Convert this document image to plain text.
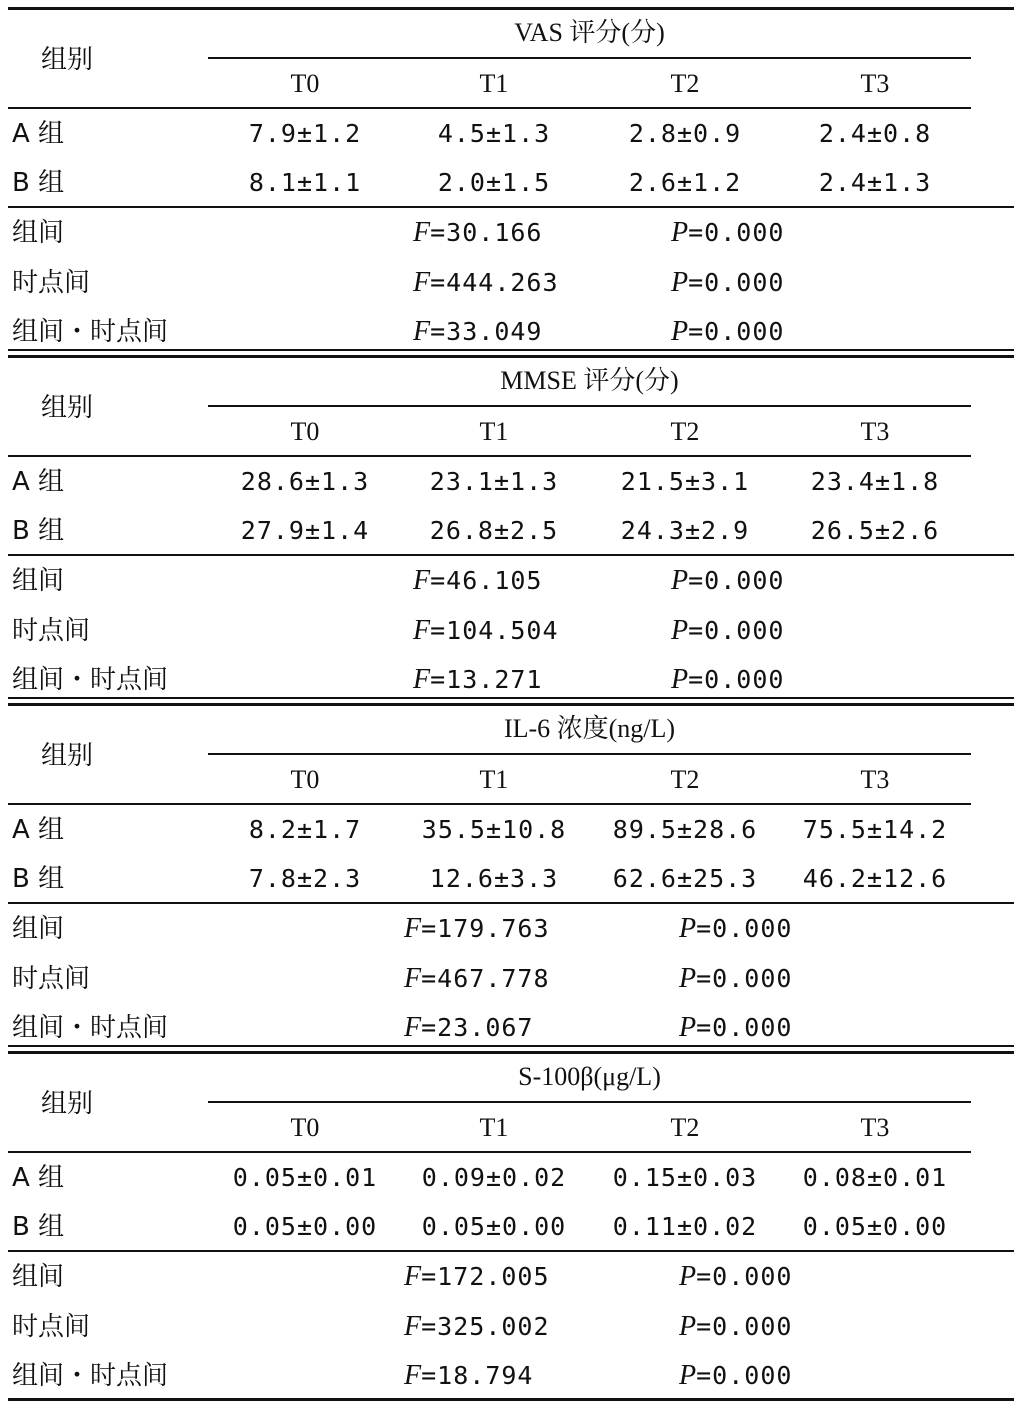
组别
VAS 评分(分)
T0	T1	T2	T3
A 组	7.9±1.2	4.5±1.3	2.8±0.9	2.4±0.8
B 组	8.1±1.1	2.0±1.5	2.6±1.2	2.4±1.3
组间	F=30.166	P=0.000
时点间	F=444.263	P=0.000
组间・时点间	F=33.049	P=0.000
组别
MMSE 评分(分)
T0	T1	T2	T3
A 组	28.6±1.3	23.1±1.3	21.5±3.1	23.4±1.8
B 组	27.9±1.4	26.8±2.5	24.3±2.9	26.5±2.6
组间	F=46.105	P=0.000
时点间	F=104.504	P=0.000
组间・时点间	F=13.271	P=0.000
组别
IL-6 浓度(ng/L)
T0	T1	T2	T3
A 组	8.2±1.7	35.5±10.8	89.5±28.6	75.5±14.2
B 组	7.8±2.3	12.6±3.3	62.6±25.3	46.2±12.6
组间	F=179.763	P=0.000
时点间	F=467.778	P=0.000
组间・时点间	F=23.067	P=0.000
组别
S-100β(μg/L)
T0	T1	T2	T3
A 组	0.05±0.01	0.09±0.02	0.15±0.03	0.08±0.01
B 组	0.05±0.00	0.05±0.00	0.11±0.02	0.05±0.00
组间	F=172.005	P=0.000
时点间	F=325.002	P=0.000
组间・时点间	F=18.794	P=0.000
